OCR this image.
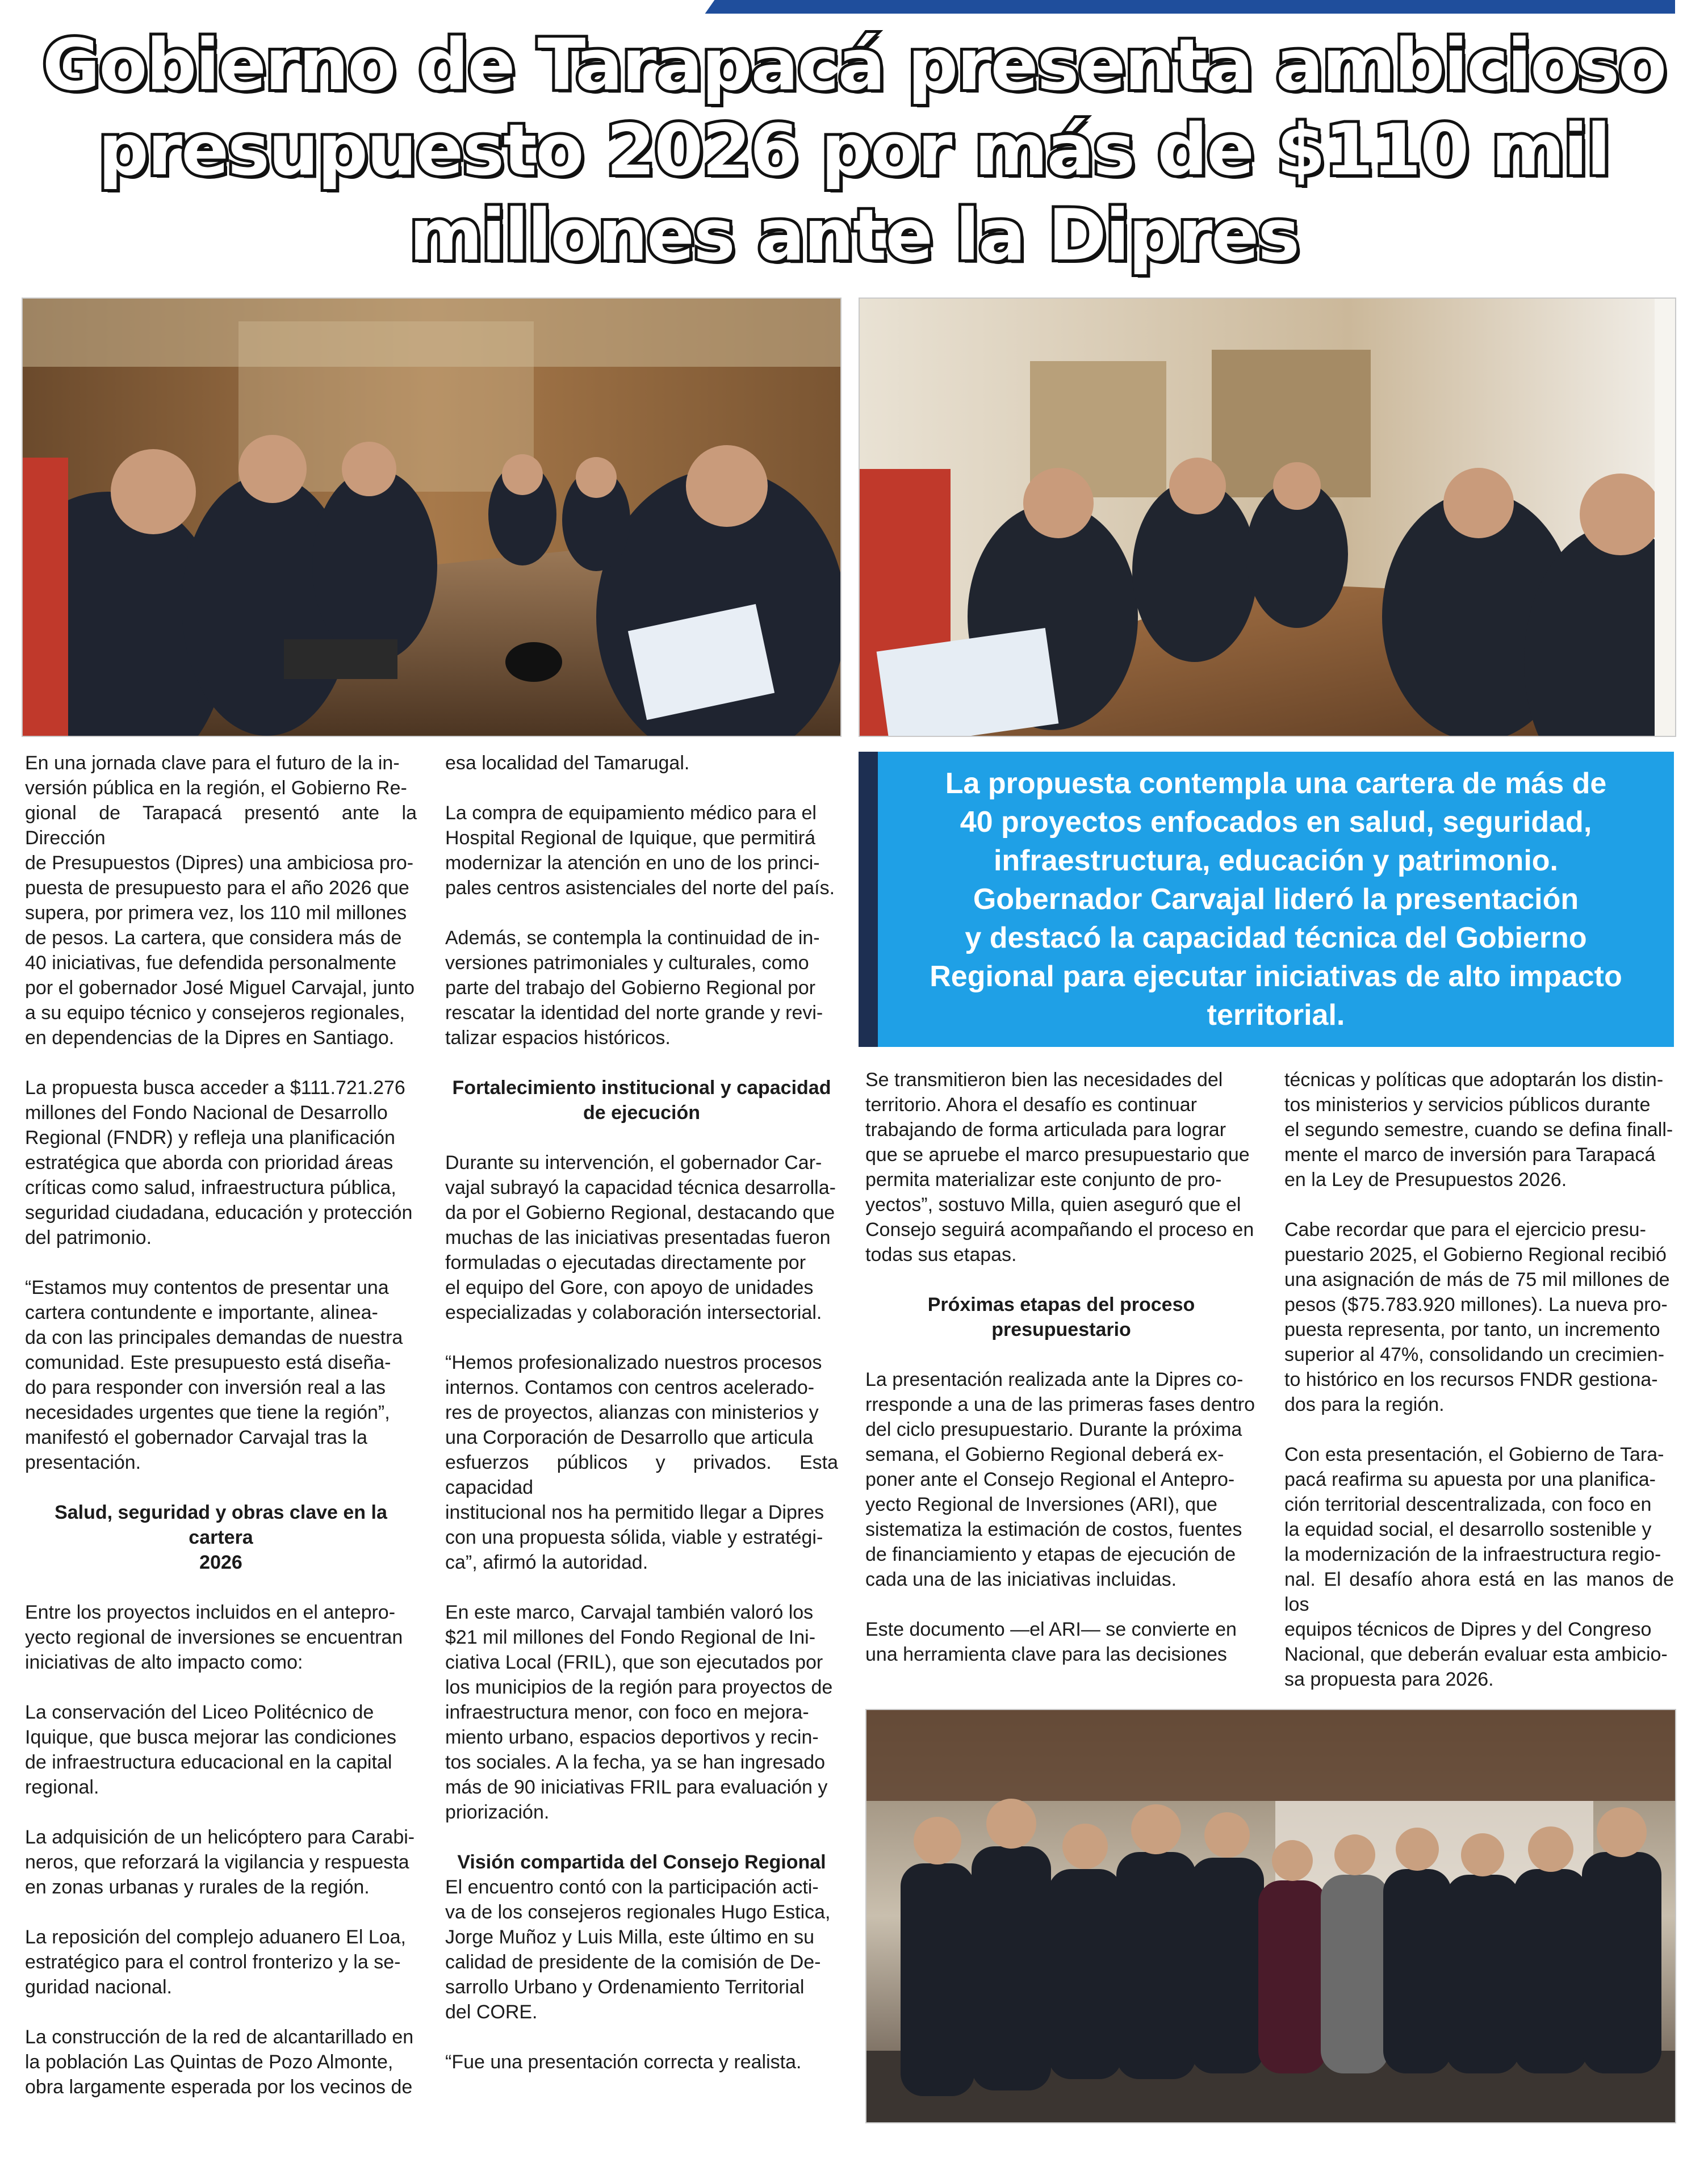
Gobierno de Tarapacá presenta ambicioso presupuesto 2026 por más de $110 mil millones ante la Dipres

La propuesta contempla una cartera de más de
40 proyectos enfocados en salud, seguridad,
infraestructura, educación y patrimonio.
Gobernador Carvajal lideró la presentación
y destacó la capacidad técnica del Gobierno
Regional para ejecutar iniciativas de alto impacto
territorial.

En una jornada clave para el futuro de la in-
versión pública en la región, el Gobierno Re-
gional de Tarapacá presentó ante la Dirección
de Presupuestos (Dipres) una ambiciosa pro-
puesta de presupuesto para el año 2026 que
supera, por primera vez, los 110 mil millones
de pesos. La cartera, que considera más de
40 iniciativas, fue defendida personalmente
por el gobernador José Miguel Carvajal, junto
a su equipo técnico y consejeros regionales,
en dependencias de la Dipres en Santiago.

La propuesta busca acceder a $111.721.276
millones del Fondo Nacional de Desarrollo
Regional (FNDR) y refleja una planificación
estratégica que aborda con prioridad áreas
críticas como salud, infraestructura pública,
seguridad ciudadana, educación y protección
del patrimonio.

“Estamos muy contentos de presentar una
cartera contundente e importante, alinea-
da con las principales demandas de nuestra
comunidad. Este presupuesto está diseña-
do para responder con inversión real a las
necesidades urgentes que tiene la región”,
manifestó el gobernador Carvajal tras la
presentación.

Salud, seguridad y obras clave en la cartera
2026

Entre los proyectos incluidos en el antepro-
yecto regional de inversiones se encuentran
iniciativas de alto impacto como:

La conservación del Liceo Politécnico de
Iquique, que busca mejorar las condiciones
de infraestructura educacional en la capital
regional.

La adquisición de un helicóptero para Carabi-
neros, que reforzará la vigilancia y respuesta
en zonas urbanas y rurales de la región.

La reposición del complejo aduanero El Loa,
estratégico para el control fronterizo y la se-
guridad nacional.

La construcción de la red de alcantarillado en
la población Las Quintas de Pozo Almonte,
obra largamente esperada por los vecinos de

esa localidad del Tamarugal.

La compra de equipamiento médico para el
Hospital Regional de Iquique, que permitirá
modernizar la atención en uno de los princi-
pales centros asistenciales del norte del país.

Además, se contempla la continuidad de in-
versiones patrimoniales y culturales, como
parte del trabajo del Gobierno Regional por
rescatar la identidad del norte grande y revi-
talizar espacios históricos.

Fortalecimiento institucional y capacidad
de ejecución

Durante su intervención, el gobernador Car-
vajal subrayó la capacidad técnica desarrolla-
da por el Gobierno Regional, destacando que
muchas de las iniciativas presentadas fueron
formuladas o ejecutadas directamente por
el equipo del Gore, con apoyo de unidades
especializadas y colaboración intersectorial.

“Hemos profesionalizado nuestros procesos
internos. Contamos con centros acelerado-
res de proyectos, alianzas con ministerios y
una Corporación de Desarrollo que articula
esfuerzos públicos y privados. Esta capacidad
institucional nos ha permitido llegar a Dipres
con una propuesta sólida, viable y estratégi-
ca”, afirmó la autoridad.

En este marco, Carvajal también valoró los
$21 mil millones del Fondo Regional de Ini-
ciativa Local (FRIL), que son ejecutados por
los municipios de la región para proyectos de
infraestructura menor, con foco en mejora-
miento urbano, espacios deportivos y recin-
tos sociales. A la fecha, ya se han ingresado
más de 90 iniciativas FRIL para evaluación y
priorización.

Visión compartida del Consejo Regional

El encuentro contó con la participación acti-
va de los consejeros regionales Hugo Estica,
Jorge Muñoz y Luis Milla, este último en su
calidad de presidente de la comisión de De-
sarrollo Urbano y Ordenamiento Territorial
del CORE.

“Fue una presentación correcta y realista.

Se transmitieron bien las necesidades del
territorio. Ahora el desafío es continuar
trabajando de forma articulada para lograr
que se apruebe el marco presupuestario que
permita materializar este conjunto de pro-
yectos”, sostuvo Milla, quien aseguró que el
Consejo seguirá acompañando el proceso en
todas sus etapas.

Próximas etapas del proceso
presupuestario

La presentación realizada ante la Dipres co-
rresponde a una de las primeras fases dentro
del ciclo presupuestario. Durante la próxima
semana, el Gobierno Regional deberá ex-
poner ante el Consejo Regional el Antepro-
yecto Regional de Inversiones (ARI), que
sistematiza la estimación de costos, fuentes
de financiamiento y etapas de ejecución de
cada una de las iniciativas incluidas.

Este documento —el ARI— se convierte en
una herramienta clave para las decisiones

técnicas y políticas que adoptarán los distin-
tos ministerios y servicios públicos durante
el segundo semestre, cuando se defina finall-
mente el marco de inversión para Tarapacá
en la Ley de Presupuestos 2026.

Cabe recordar que para el ejercicio presu-
puestario 2025, el Gobierno Regional recibió
una asignación de más de 75 mil millones de
pesos ($75.783.920 millones). La nueva pro-
puesta representa, por tanto, un incremento
superior al 47%, consolidando un crecimien-
to histórico en los recursos FNDR gestiona-
dos para la región.

Con esta presentación, el Gobierno de Tara-
pacá reafirma su apuesta por una planifica-
ción territorial descentralizada, con foco en
la equidad social, el desarrollo sostenible y
la modernización de la infraestructura regio-
nal. El desafío ahora está en las manos de los
equipos técnicos de Dipres y del Congreso
Nacional, que deberán evaluar esta ambicio-
sa propuesta para 2026.
